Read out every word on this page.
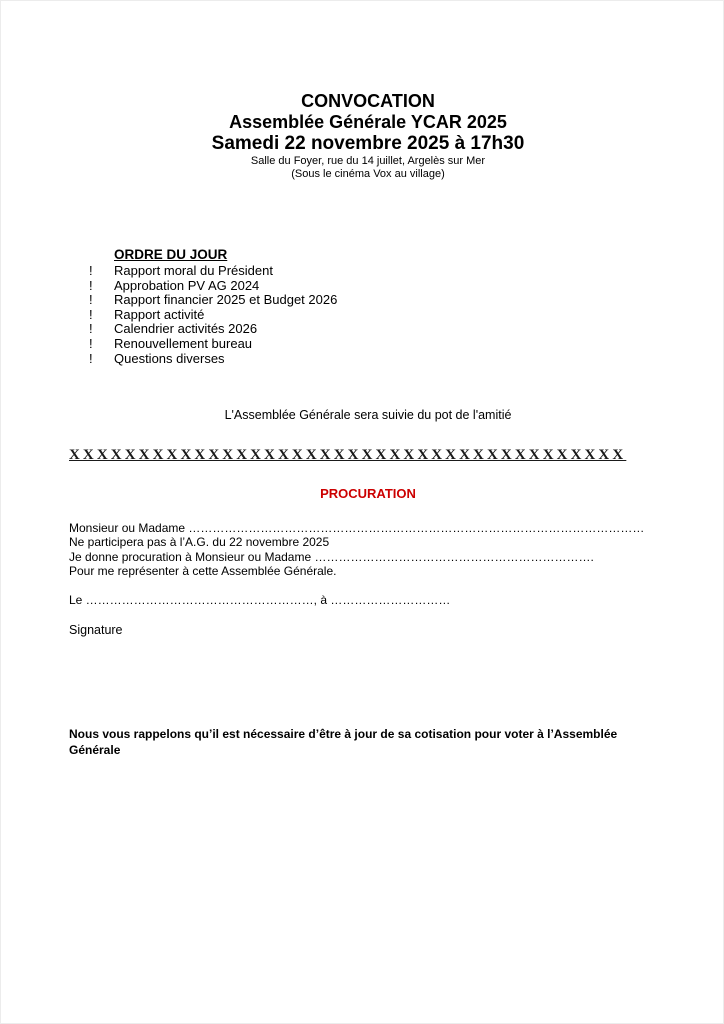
CONVOCATION
Assemblée Générale YCAR 2025
Samedi 22 novembre 2025 à 17h30
Salle du Foyer, rue du 14 juillet, Argelès sur Mer
(Sous le cinéma Vox au village)
ORDRE DU JOUR
!	Rapport moral du Président
!	Approbation PV AG 2024
!	Rapport financier 2025 et Budget 2026
!	Rapport activité
!	Calendrier activités 2026
!	Renouvellement bureau
!	Questions diverses
L'Assemblée Générale sera suivie du pot de l'amitié
XXXXXXXXXXXXXXXXXXXXXXXXXXXXXXXXXXXXXXXX
PROCURATION
Monsieur ou Madame ……………………………………………………………………………………………………
Ne participera pas à l’A.G. du 22 novembre 2025
Je donne procuration à Monsieur ou Madame …………………………………………………………….
Pour me représenter à cette Assemblée Générale.
Le …………………………………………………, à …………………………
Signature
Nous vous rappelons qu’il est nécessaire d’être à jour de sa cotisation pour voter à l’Assemblée Générale
